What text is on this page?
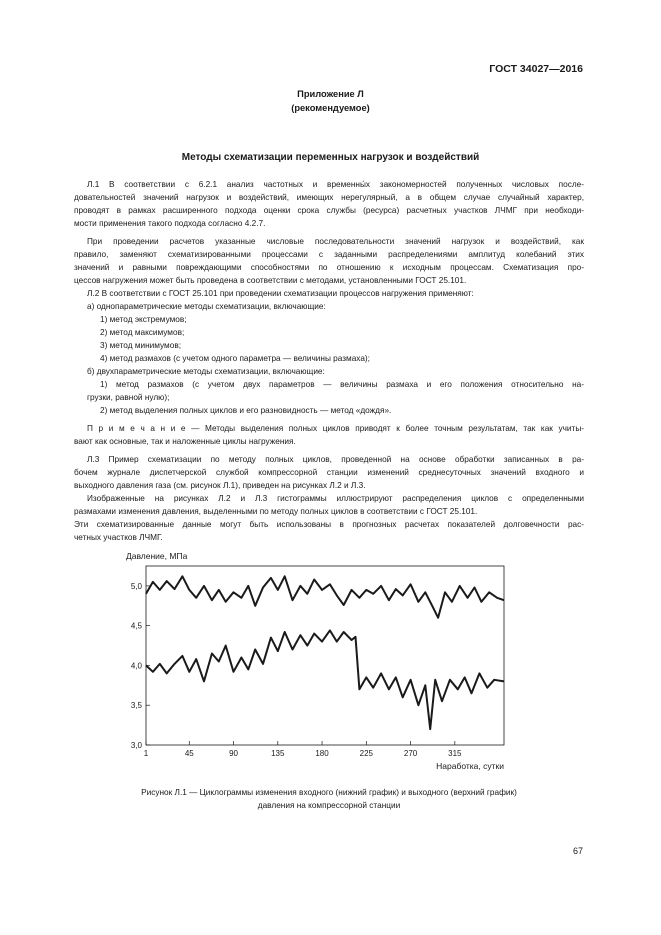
ГОСТ 34027—2016
Приложение Л
(рекомендуемое)
Методы схематизации переменных нагрузок и воздействий

Л.1 В соответствии с 6.2.1 анализ частотных и временны́х закономерностей полученных числовых после-

довательностей значений нагрузок и воздействий, имеющих нерегулярный, а в общем случае случайный характер,

проводят в рамках расширенного подхода оценки срока службы (ресурса) расчетных участков ЛЧМГ при необходи-

мости применения такого подхода согласно 4.2.7.

При проведении расчетов указанные числовые последовательности значений нагрузок и воздействий, как

правило, заменяют схематизированными процессами с заданными распределениями амплитуд колебаний этих

значений и равными повреждающими способностями по отношению к исходным процессам. Схематизация про-

цессов нагружения может быть проведена в соответствии с методами, установленными ГОСТ 25.101.

Л.2 В соответствии с ГОСТ 25.101 при проведении схематизации процессов нагружения применяют:

а) однопараметрические методы схематизации, включающие:

1) метод экстремумов;

2) метод максимумов;

3) метод минимумов;

4) метод размахов (с учетом одного параметра — величины размаха);

б) двухпараметрические методы схематизации, включающие:

1) метод размахов (с учетом двух параметров — величины размаха и его положения относительно на-

грузки, равной нулю);

2) метод выделения полных циклов и его разновидность — метод «дождя».

П р и м е ч а н и е — Методы выделения полных циклов приводят к более точным результатам, так как учиты-

вают как основные, так и наложенные циклы нагружения.

Л.3 Пример схематизации по методу полных циклов, проведенной на основе обработки записанных в ра-

бочем журнале диспетчерской службой компрессорной станции изменений среднесуточных значений входного и

выходного давления газа (см. рисунок Л.1), приведен на рисунках Л.2 и Л.3.

Изображенные на рисунках Л.2 и Л.3 гистограммы иллюстрируют распределения циклов с определенными

размахами изменения давления, выделенными по методу полных циклов в соответствии с ГОСТ 25.101.

Эти схематизированные данные могут быть использованы в прогнозных расчетах показателей долговечности рас-

четных участков ЛЧМГ.

Давление, МПа
3,0
3,5
4,0
4,5
5,0
1	45	90	135	180	225	270	315
Наработка, сутки
Рисунок Л.1 — Циклограммы изменения входного (нижний график) и выходного (верхний график)
давления на компрессорной станции
67
